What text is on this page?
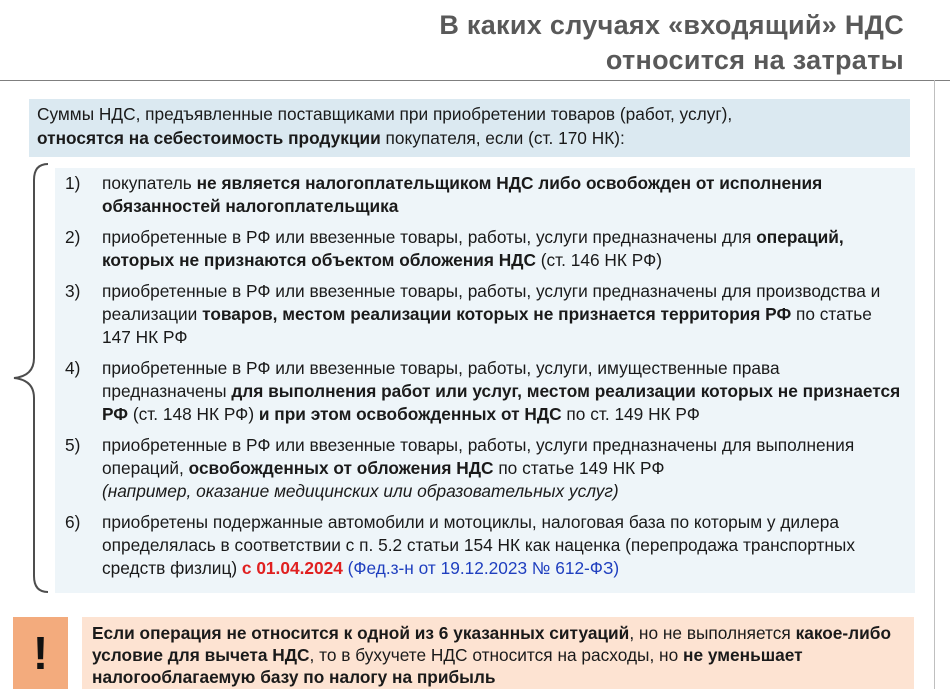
В каких случаях «входящий» НДС
относится на затраты
Суммы НДС, предъявленные поставщиками при приобретении товаров (работ, услуг),
относятся на себестоимость продукции покупателя, если (ст. 170 НК):
1) покупатель не является налогоплательщиком НДС либо освобожден от исполнения обязанностей налогоплательщика
2) приобретенные в РФ или ввезенные товары, работы, услуги предназначены для операций, которых не признаются объектом обложения НДС (ст. 146 НК РФ)
3) приобретенные в РФ или ввезенные товары, работы, услуги предназначены для производства и реализации товаров, местом реализации которых не признается территория РФ по статье 147 НК РФ
4) приобретенные в РФ или ввезенные товары, работы, услуги, имущественные права предназначены для выполнения работ или услуг, местом реализации которых не признается РФ (ст. 148 НК РФ) и при этом освобожденных от НДС по ст. 149 НК РФ
5) приобретенные в РФ или ввезенные товары, работы, услуги предназначены для выполнения операций, освобожденных от обложения НДС по статье 149 НК РФ
(например, оказание медицинских или образовательных услуг)
6) приобретены подержанные автомобили и мотоциклы, налоговая база по которым у дилера определялась в соответствии с п. 5.2 статьи 154 НК как наценка (перепродажа транспортных средств физлиц) с 01.04.2024 (Фед.з-н от 19.12.2023 № 612-ФЗ)
!	Если операция не относится к одной из 6 указанных ситуаций, но не выполняется какое-либо условие для вычета НДС, то в бухучете НДС относится на расходы, но не уменьшает налогооблагаемую базу по налогу на прибыль
